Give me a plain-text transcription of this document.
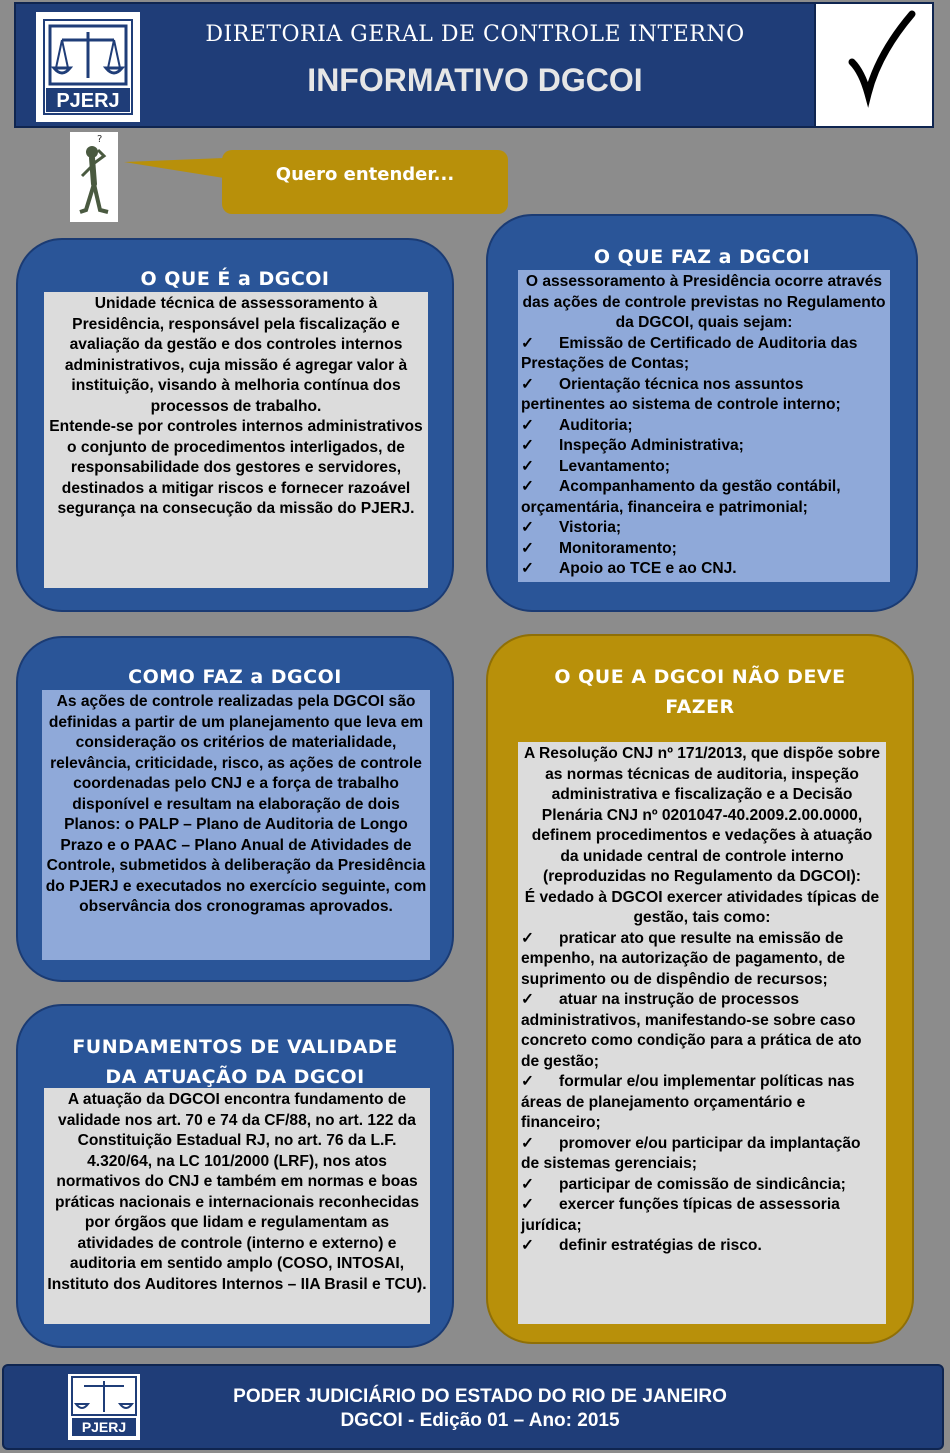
PJERJ
DIRETORIA GERAL DE CONTROLE INTERNO
INFORMATIVO DGCOI
?
Quero entender...
O QUE É a DGCOI
Unidade técnica de assessoramento à Presidência, responsável pela fiscalização e avaliação da gestão e dos controles internos administrativos, cuja missão é agregar valor à instituição, visando à melhoria contínua dos processos de trabalho.
Entende-se por controles internos administrativos o conjunto de procedimentos interligados, de responsabilidade dos gestores e servidores, destinados a mitigar riscos e fornecer razoável segurança na consecução da missão do PJERJ.
O QUE FAZ a DGCOI
O assessoramento à Presidência ocorre através das ações de controle previstas no Regulamento da DGCOI, quais sejam:
✓ Emissão de Certificado de Auditoria das Prestações de Contas;
✓ Orientação técnica nos assuntos pertinentes ao sistema de controle interno;
✓ Auditoria;
✓ Inspeção Administrativa;
✓ Levantamento;
✓ Acompanhamento da gestão contábil, orçamentária, financeira e patrimonial;
✓ Vistoria;
✓ Monitoramento;
✓ Apoio ao TCE e ao CNJ.
COMO FAZ a DGCOI
As ações de controle realizadas pela DGCOI são definidas a partir de um planejamento que leva em consideração os critérios de materialidade, relevância, criticidade, risco, as ações de controle coordenadas pelo CNJ e a força de trabalho disponível e resultam na elaboração de dois Planos: o PALP – Plano de Auditoria de Longo Prazo e o PAAC – Plano Anual de Atividades de Controle, submetidos à deliberação da Presidência do PJERJ e executados no exercício seguinte, com observância dos cronogramas aprovados.
FUNDAMENTOS DE VALIDADE
DA ATUAÇÃO DA DGCOI
A atuação da DGCOI encontra fundamento de validade nos art. 70 e 74 da CF/88, no art. 122 da Constituição Estadual RJ, no art. 76 da L.F. 4.320/64, na LC 101/2000 (LRF), nos atos normativos do CNJ e também em normas e boas práticas nacionais e internacionais reconhecidas por órgãos que lidam e regulamentam as atividades de controle (interno e externo) e auditoria em sentido amplo (COSO, INTOSAI, Instituto dos Auditores Internos – IIA Brasil e TCU).
O QUE A DGCOI NÃO DEVE
FAZER
A Resolução CNJ nº 171/2013, que dispõe sobre as normas técnicas de auditoria, inspeção administrativa e fiscalização e a Decisão Plenária CNJ nº 0201047-40.2009.2.00.0000, definem procedimentos e vedações à atuação da unidade central de controle interno (reproduzidas no Regulamento da DGCOI):
É vedado à DGCOI exercer atividades típicas de gestão, tais como:
✓ praticar ato que resulte na emissão de empenho, na autorização de pagamento, de suprimento ou de dispêndio de recursos;
✓ atuar na instrução de processos administrativos, manifestando-se sobre caso concreto como condição para a prática de ato de gestão;
✓ formular e/ou implementar políticas nas áreas de planejamento orçamentário e financeiro;
✓ promover e/ou participar da implantação de sistemas gerenciais;
✓ participar de comissão de sindicância;
✓ exercer funções típicas de assessoria jurídica;
✓ definir estratégias de risco.
PJERJ
PODER JUDICIÁRIO DO ESTADO DO RIO DE JANEIRO
DGCOI - Edição 01 – Ano: 2015
